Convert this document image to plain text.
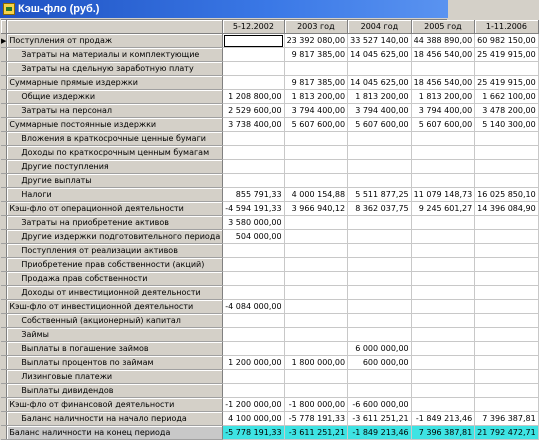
Кэш-фло (руб.)
		5-12.2002	2003 год	2004 год	2005 год	1-11.2006
▶	Поступления от продаж		23 392 080,00	33 527 140,00	44 388 890,00	60 982 150,00
	Затраты на материалы и комплектующие		9 817 385,00	14 045 625,00	18 456 540,00	25 419 915,00
	Затраты на сдельную заработную плату					
	Суммарные прямые издержки		9 817 385,00	14 045 625,00	18 456 540,00	25 419 915,00
	Общие издержки	1 208 800,00	1 813 200,00	1 813 200,00	1 813 200,00	1 662 100,00
	Затраты на персонал	2 529 600,00	3 794 400,00	3 794 400,00	3 794 400,00	3 478 200,00
	Суммарные постоянные издержки	3 738 400,00	5 607 600,00	5 607 600,00	5 607 600,00	5 140 300,00
	Вложения в краткосрочные ценные бумаги					
	Доходы по краткосрочным ценным бумагам					
	Другие поступления					
	Другие выплаты					
	Налоги	855 791,33	4 000 154,88	5 511 877,25	11 079 148,73	16 025 850,10
	Кэш-фло от операционной деятельности	-4 594 191,33	3 966 940,12	8 362 037,75	9 245 601,27	14 396 084,90
	Затраты на приобретение активов	3 580 000,00				
	Другие издержки подготовительного периода	504 000,00				
	Поступления от реализации активов					
	Приобретение прав собственности (акций)					
	Продажа прав собственности					
	Доходы от инвестиционной деятельности					
	Кэш-фло от инвестиционной деятельности	-4 084 000,00				
	Собственный (акционерный) капитал					
	Займы					
	Выплаты в погашение займов			6 000 000,00		
	Выплаты процентов по займам	1 200 000,00	1 800 000,00	600 000,00		
	Лизинговые платежи					
	Выплаты дивидендов					
	Кэш-фло от финансовой деятельности	-1 200 000,00	-1 800 000,00	-6 600 000,00		
	Баланс наличности на начало периода	4 100 000,00	-5 778 191,33	-3 611 251,21	-1 849 213,46	7 396 387,81
	Баланс наличности на конец периода	-5 778 191,33	-3 611 251,21	-1 849 213,46	7 396 387,81	21 792 472,71
